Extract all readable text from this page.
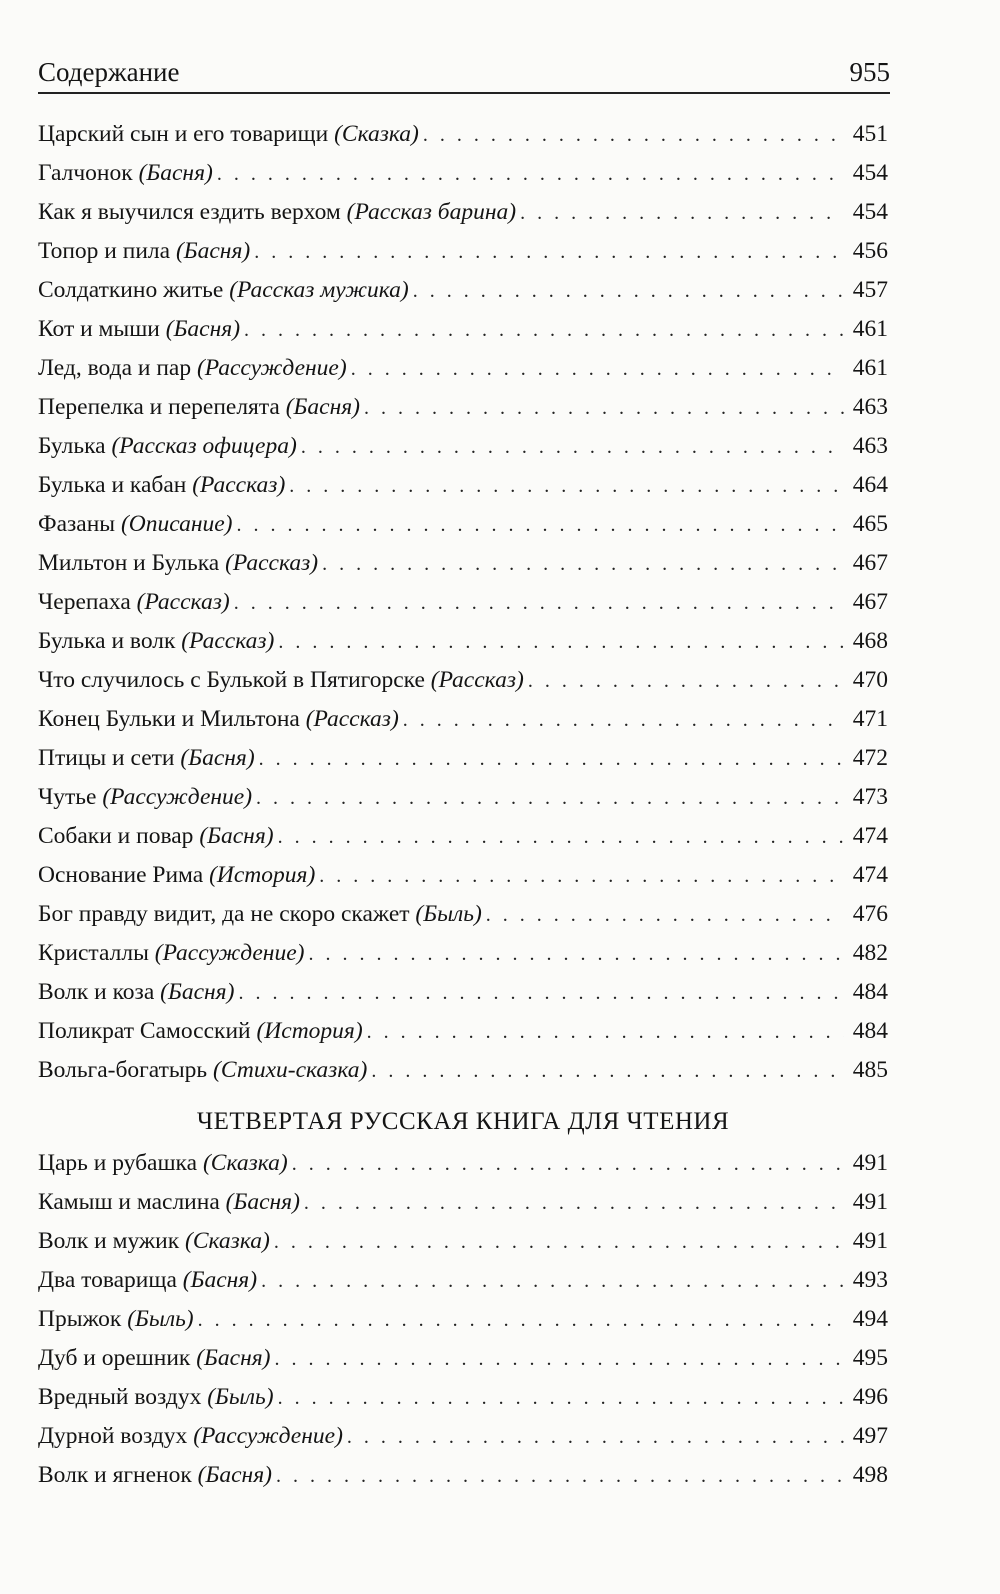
Содержание	955
Царский сын и его товарищи (Сказка) . . .	451
Галчонок (Басня) . . .	454
Как я выучился ездить верхом (Рассказ барина) . . .	454
Топор и пила (Басня) . . .	456
Солдаткино житье (Рассказ мужика) . . .	457
Кот и мыши (Басня) . . .	461
Лед, вода и пар (Рассуждение) . . .	461
Перепелка и перепелята (Басня) . . .	463
Булька (Рассказ офицера) . . .	463
Булька и кабан (Рассказ) . . .	464
Фазаны (Описание) . . .	465
Мильтон и Булька (Рассказ) . . .	467
Черепаха (Рассказ) . . .	467
Булька и волк (Рассказ) . . .	468
Что случилось с Булькой в Пятигорске (Рассказ) . . .	470
Конец Бульки и Мильтона (Рассказ) . . .	471
Птицы и сети (Басня) . . .	472
Чутье (Рассуждение) . . .	473
Собаки и повар (Басня) . . .	474
Основание Рима (История) . . .	474
Бог правду видит, да не скоро скажет (Быль) . . .	476
Кристаллы (Рассуждение) . . .	482
Волк и коза (Басня) . . .	484
Поликрат Самосский (История) . . .	484
Вольга-богатырь (Стихи-сказка) . . .	485
ЧЕТВЕРТАЯ РУССКАЯ КНИГА ДЛЯ ЧТЕНИЯ
Царь и рубашка (Сказка) . . .	491
Камыш и маслина (Басня) . . .	491
Волк и мужик (Сказка) . . .	491
Два товарища (Басня) . . .	493
Прыжок (Быль) . . .	494
Дуб и орешник (Басня) . . .	495
Вредный воздух (Быль) . . .	496
Дурной воздух (Рассуждение) . . .	497
Волк и ягненок (Басня) . . .	498
